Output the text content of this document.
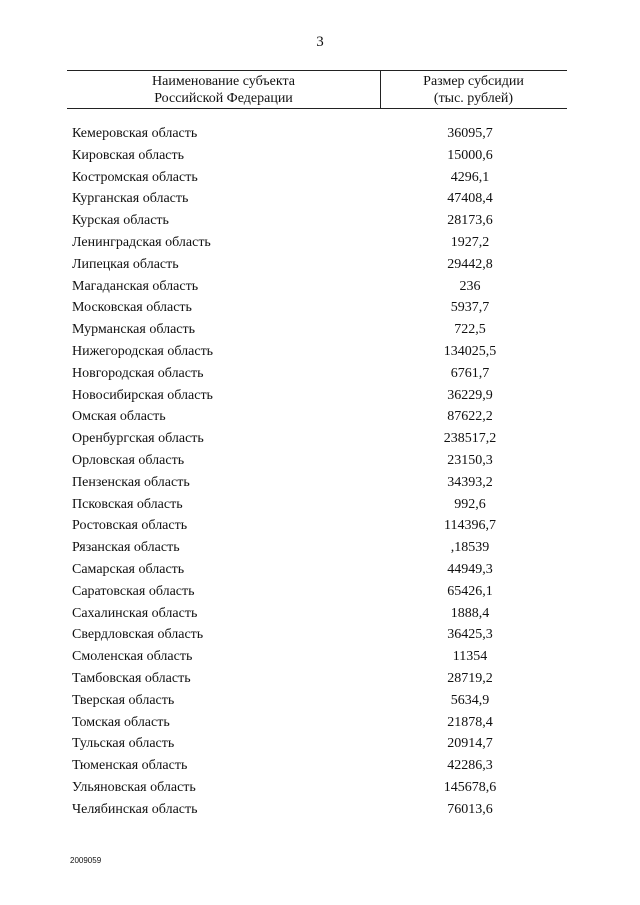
3
Наименование субъекта
Российской Федерации
Размер субсидии
(тыс. рублей)
Кемеровская область	36095,7
Кировская область	15000,6
Костромская область	4296,1
Курганская область	47408,4
Курская область	28173,6
Ленинградская область	1927,2
Липецкая область	29442,8
Магаданская область	236
Московская область	5937,7
Мурманская область	722,5
Нижегородская область	134025,5
Новгородская область	6761,7
Новосибирская область	36229,9
Омская область	87622,2
Оренбургская область	238517,2
Орловская область	23150,3
Пензенская область	34393,2
Псковская область	992,6
Ростовская область	114396,7
Рязанская область	,18539
Самарская область	44949,3
Саратовская область	65426,1
Сахалинская область	1888,4
Свердловская область	36425,3
Смоленская область	11354
Тамбовская область	28719,2
Тверская область	5634,9
Томская область	21878,4
Тульская область	20914,7
Тюменская область	42286,3
Ульяновская область	145678,6
Челябинская область	76013,6
2009059
